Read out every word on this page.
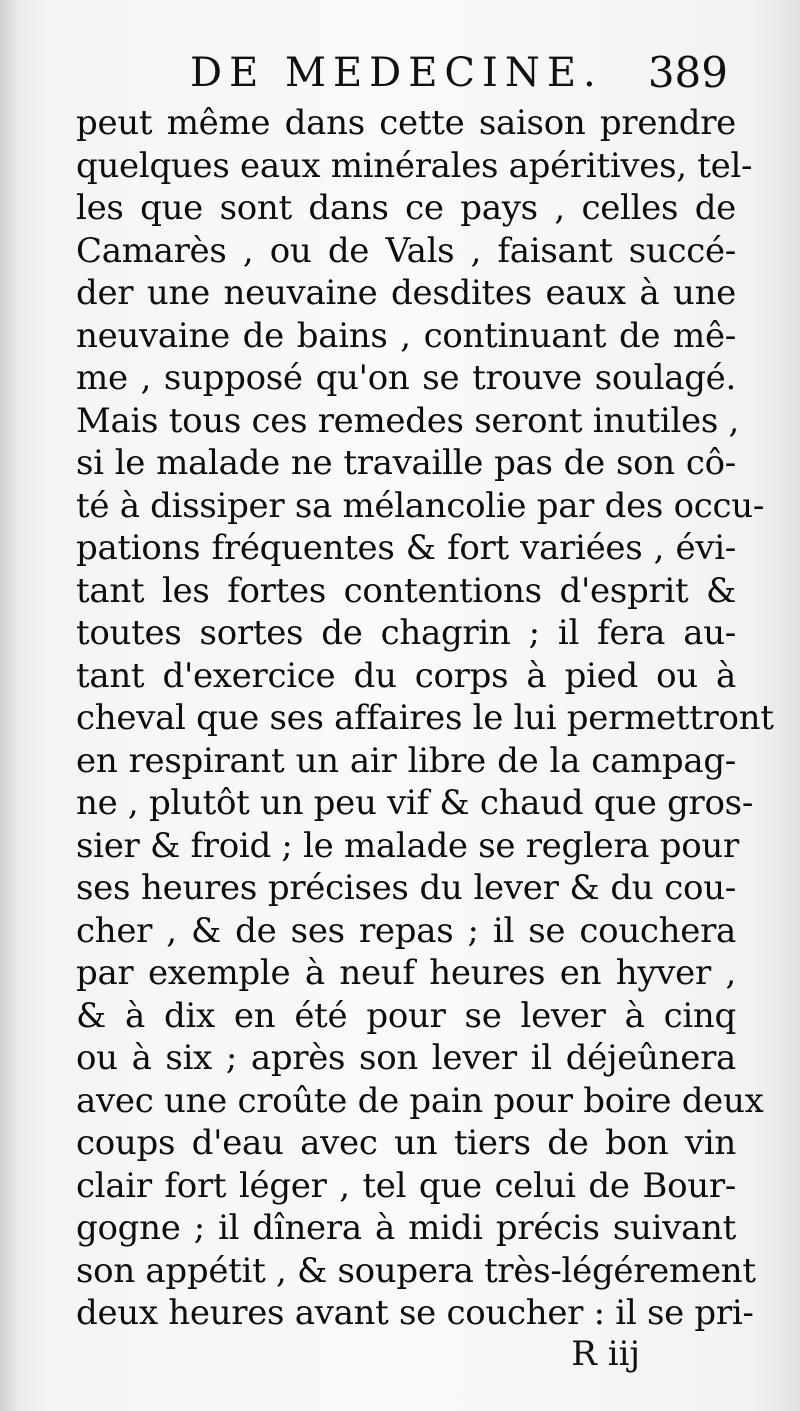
DE MEDECINE. 389
peut même dans cette saison prendre
quelques eaux minérales apéritives, tel-
les que sont dans ce pays , celles de
Camarès , ou de Vals , faisant succé-
der une neuvaine desdites eaux à une
neuvaine de bains , continuant de mê-
me , supposé qu'on se trouve soulagé.
Mais tous ces remedes seront inutiles ,
si le malade ne travaille pas de son cô-
té à dissiper sa mélancolie par des occu-
pations fréquentes & fort variées , évi-
tant les fortes contentions d'esprit &
toutes sortes de chagrin ; il fera au-
tant d'exercice du corps à pied ou à
cheval que ses affaires le lui permettront
en respirant un air libre de la campag-
ne , plutôt un peu vif & chaud que gros-
sier & froid ; le malade se reglera pour
ses heures précises du lever & du cou-
cher , & de ses repas ; il se couchera
par exemple à neuf heures en hyver ,
& à dix en été pour se lever à cinq
ou à six ; après son lever il déjeûnera
avec une croûte de pain pour boire deux
coups d'eau avec un tiers de bon vin
clair fort léger , tel que celui de Bour-
gogne ; il dînera à midi précis suivant
son appétit , & soupera très-légérement
deux heures avant se coucher : il se pri-
R iij
